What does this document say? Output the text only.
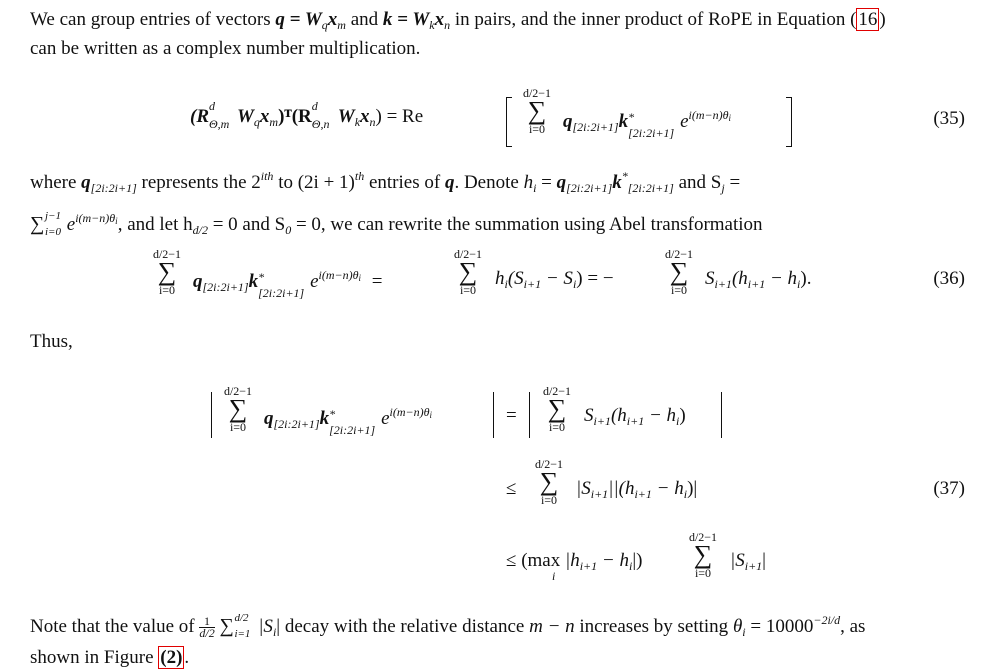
We can group entries of vectors $q = W_qx_m$ and $k = W_kx_n$ in pairs, and the inner product of RoPE in Equation ( 16 )
can be written as a complex number multiplication.
(R d
Θ,m $W_qx_m)ᵀ(R$ d
Θ,n $W_kx_n) = Re$
d/2−1
∑
i=0 $q_{[2i:2i+1]}k$ *
[2i:2i+1]
$e^{i(m-n)\theta i}$	(35)
where $q_{[2i:2i+1]}$ represents the $2^{ith}$ to $(2i + 1)^{th}$ entries of q. Denote $h_i = q_{[2i:2i+1]}k^*_{[2i:2i+1]}$ and $S_j$ =
∑ j−1
i=0 $e^{i(m-n)\theta i}$, and let $h_{d/2} = 0$ and $S_0 = 0$, we can rewrite the summation using Abel transformation
d/2−1
∑
i=0 $q_{[2i:2i+1]}k$ *
[2i:2i+1]
$e^{i(m-n)\theta i}$ =
d/2−1
∑
i=0
$h_i(S_{i+1} - S_i)$ = −
d/2−1
∑
i=0
$S_{i+1}(h_{i+1} - h_i)$.	(36)
Thus,
d/2−1
∑
i=0 $q_{[2i:2i+1]}k$ *
[2i:2i+1]
$e^{i(m-n)\theta i}$	=
d/2−1
∑
i=0
$S_{i+1}(h_{i+1} - h_i)$
≤
d/2−1
∑
i=0
$|S_{i+1}||(h_{i+1} - h_i)|$	(37)
≤ (max $|h_{i+1} - h_i|$)
i
d/2−1
∑
i=0
$|S_{i+1}|$
Note that the value of $\frac{1}{d/2}$ ∑ d/2
i=1 $|S_i|$ decay with the relative distance m − n increases by setting $\theta_i = 10000^{-2i/d}$, as
shown in Figure (2) .
